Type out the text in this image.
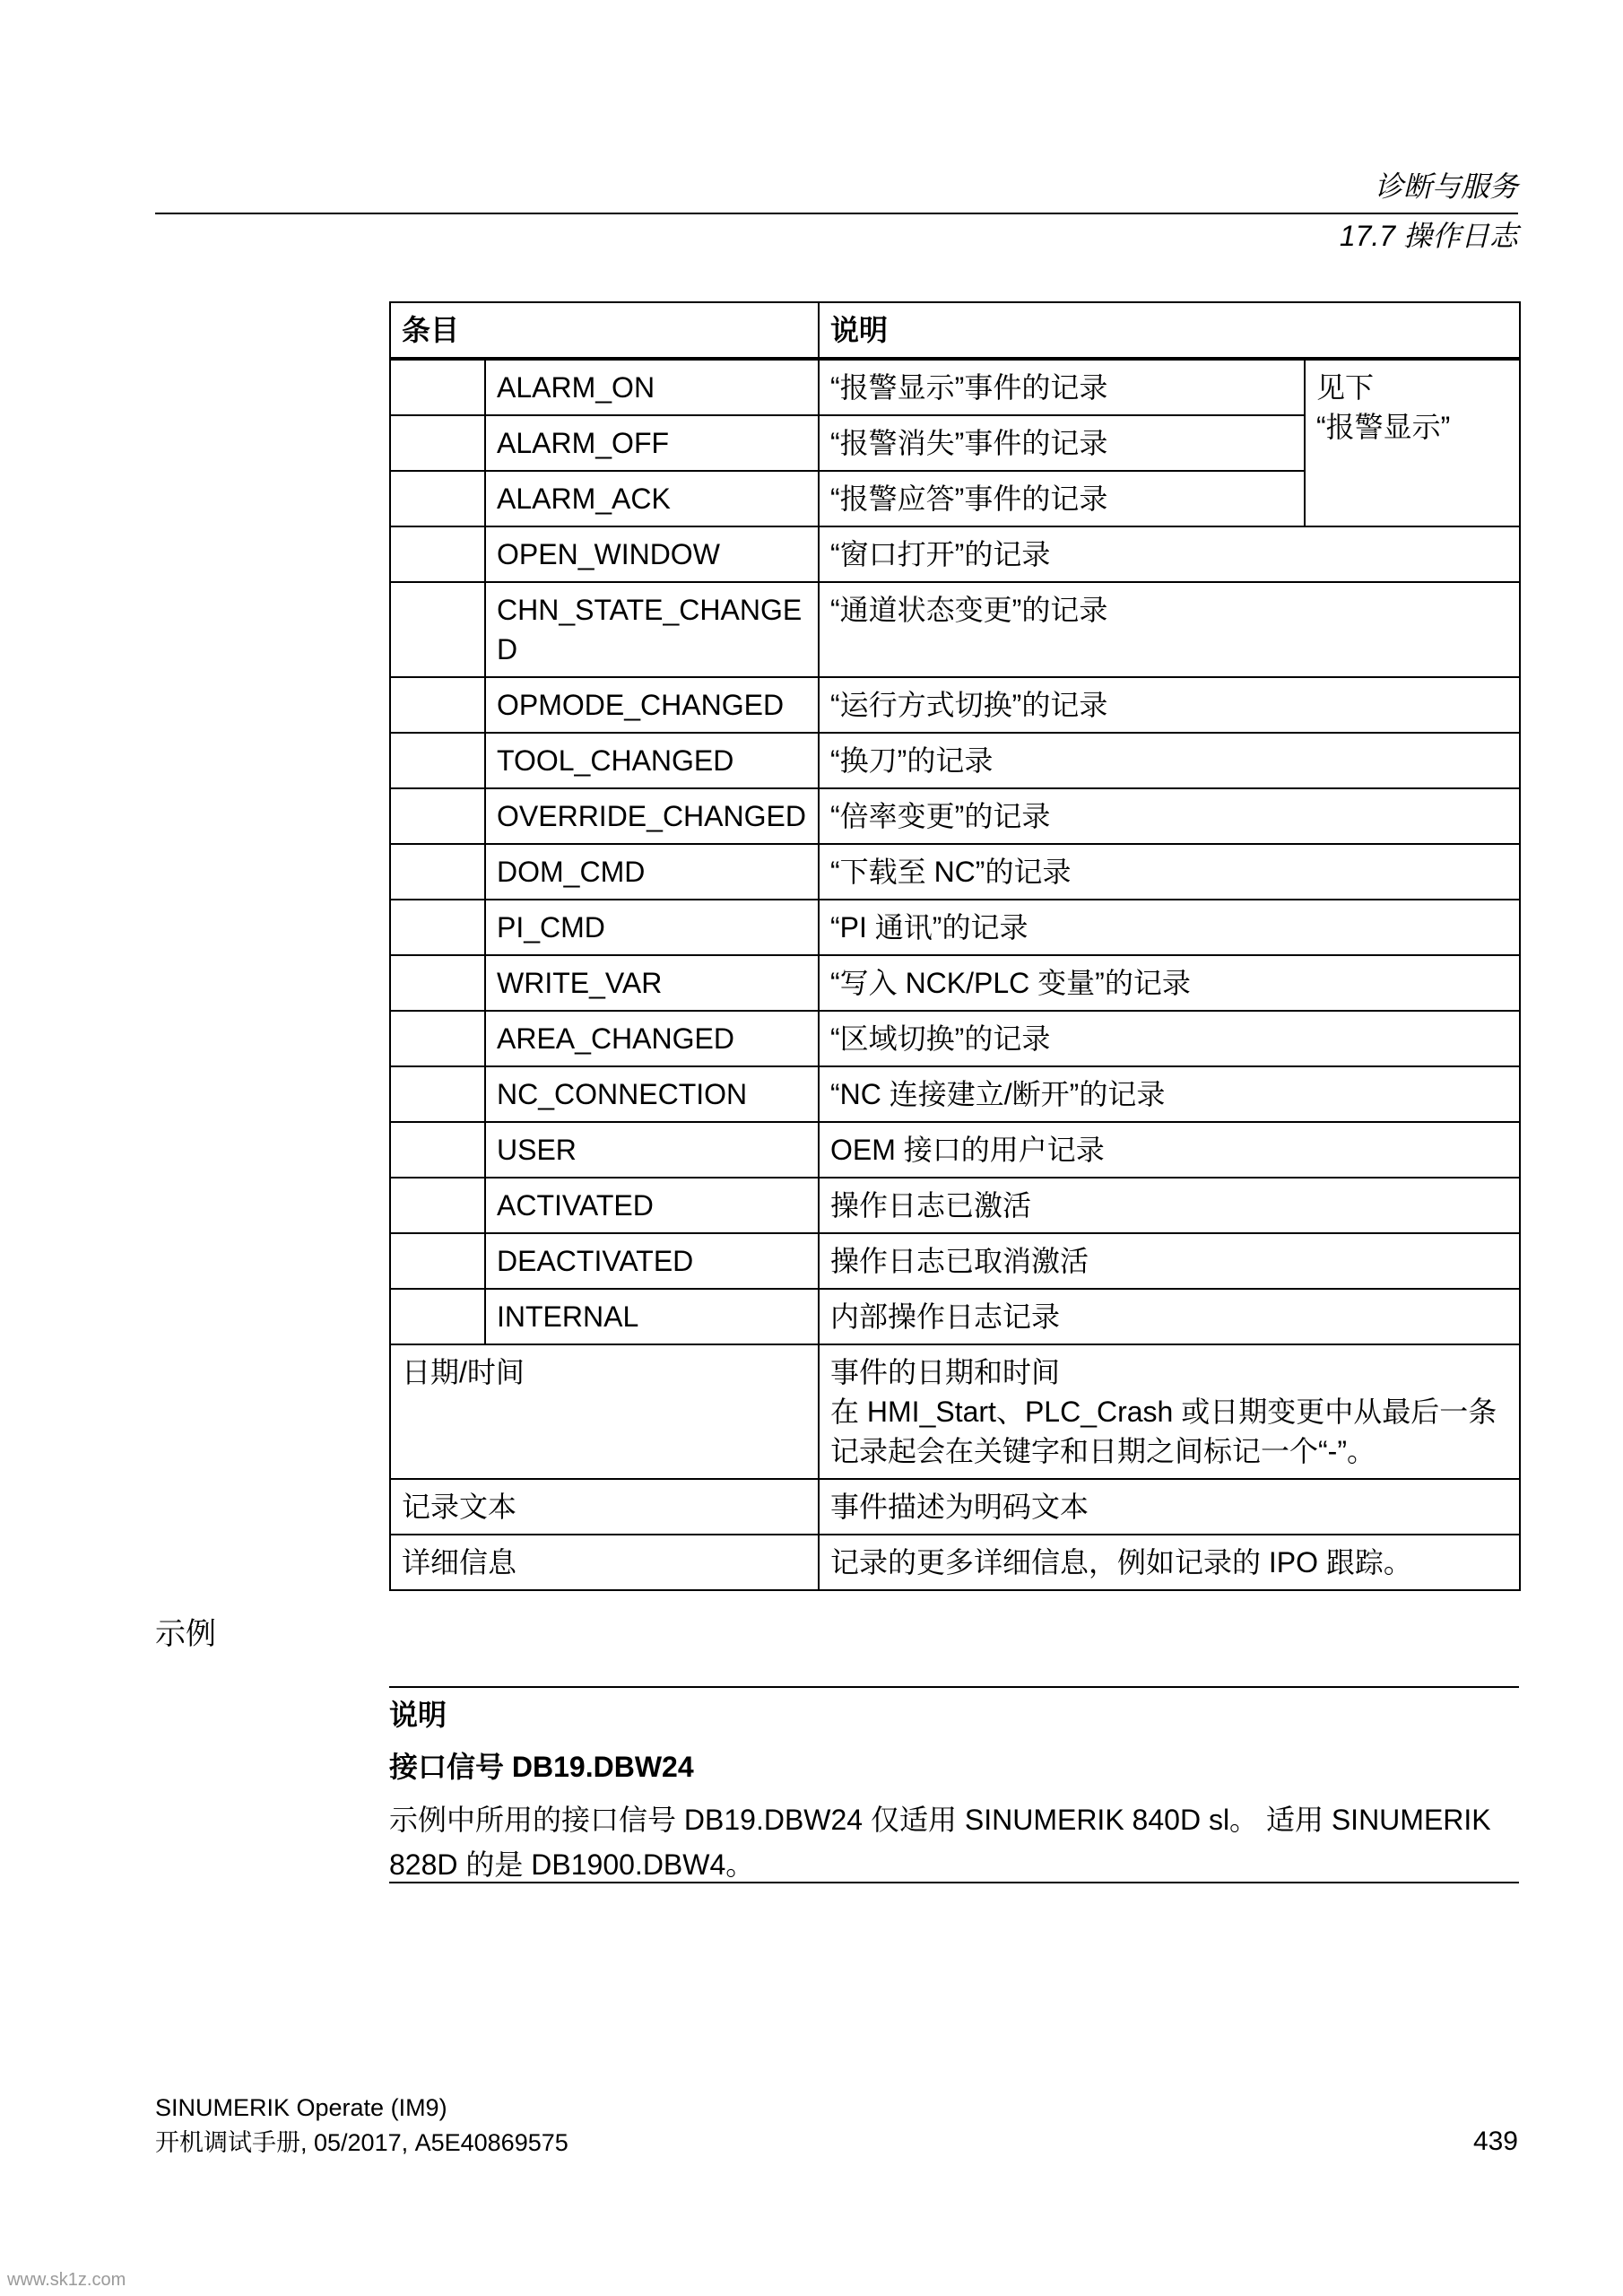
诊断与服务
17.7 操作日志
条目		说明	
	ALARM_ON	“报警显示”事件的记录	见下
“报警显示”
	ALARM_OFF	“报警消失”事件的记录	
	ALARM_ACK	“报警应答”事件的记录	
	OPEN_WINDOW	“窗口打开”的记录	
	CHN_STATE_CHANGE
D	“通道状态变更”的记录	
	OPMODE_CHANGED	“运行方式切换”的记录	
	TOOL_CHANGED	“换刀”的记录	
	OVERRIDE_CHANGED	“倍率变更”的记录	
	DOM_CMD	“下载至 NC”的记录	
	PI_CMD	“PI 通讯”的记录	
	WRITE_VAR	“写入 NCK/PLC 变量”的记录	
	AREA_CHANGED	“区域切换”的记录	
	NC_CONNECTION	“NC 连接建立/断开”的记录	
	USER	OEM 接口的用户记录	
	ACTIVATED	操作日志已激活	
	DEACTIVATED	操作日志已取消激活	
	INTERNAL	内部操作日志记录	
日期/时间		事件的日期和时间
在 HMI_Start、PLC_Crash 或日期变更中从最后一条记录起会在关键字和日期之间标记一个“-”。	
记录文本		事件描述为明码文本	
详细信息		记录的更多详细信息，例如记录的 IPO 跟踪。	
示例
说明
接口信号 DB19.DBW24
示例中所用的接口信号 DB19.DBW24 仅适用 SINUMERIK 840D sl。 适用 SINUMERIK 828D 的是 DB1900.DBW4。
SINUMERIK Operate (IM9)
开机调试手册, 05/2017, A5E40869575	439
www.sk1z.com
